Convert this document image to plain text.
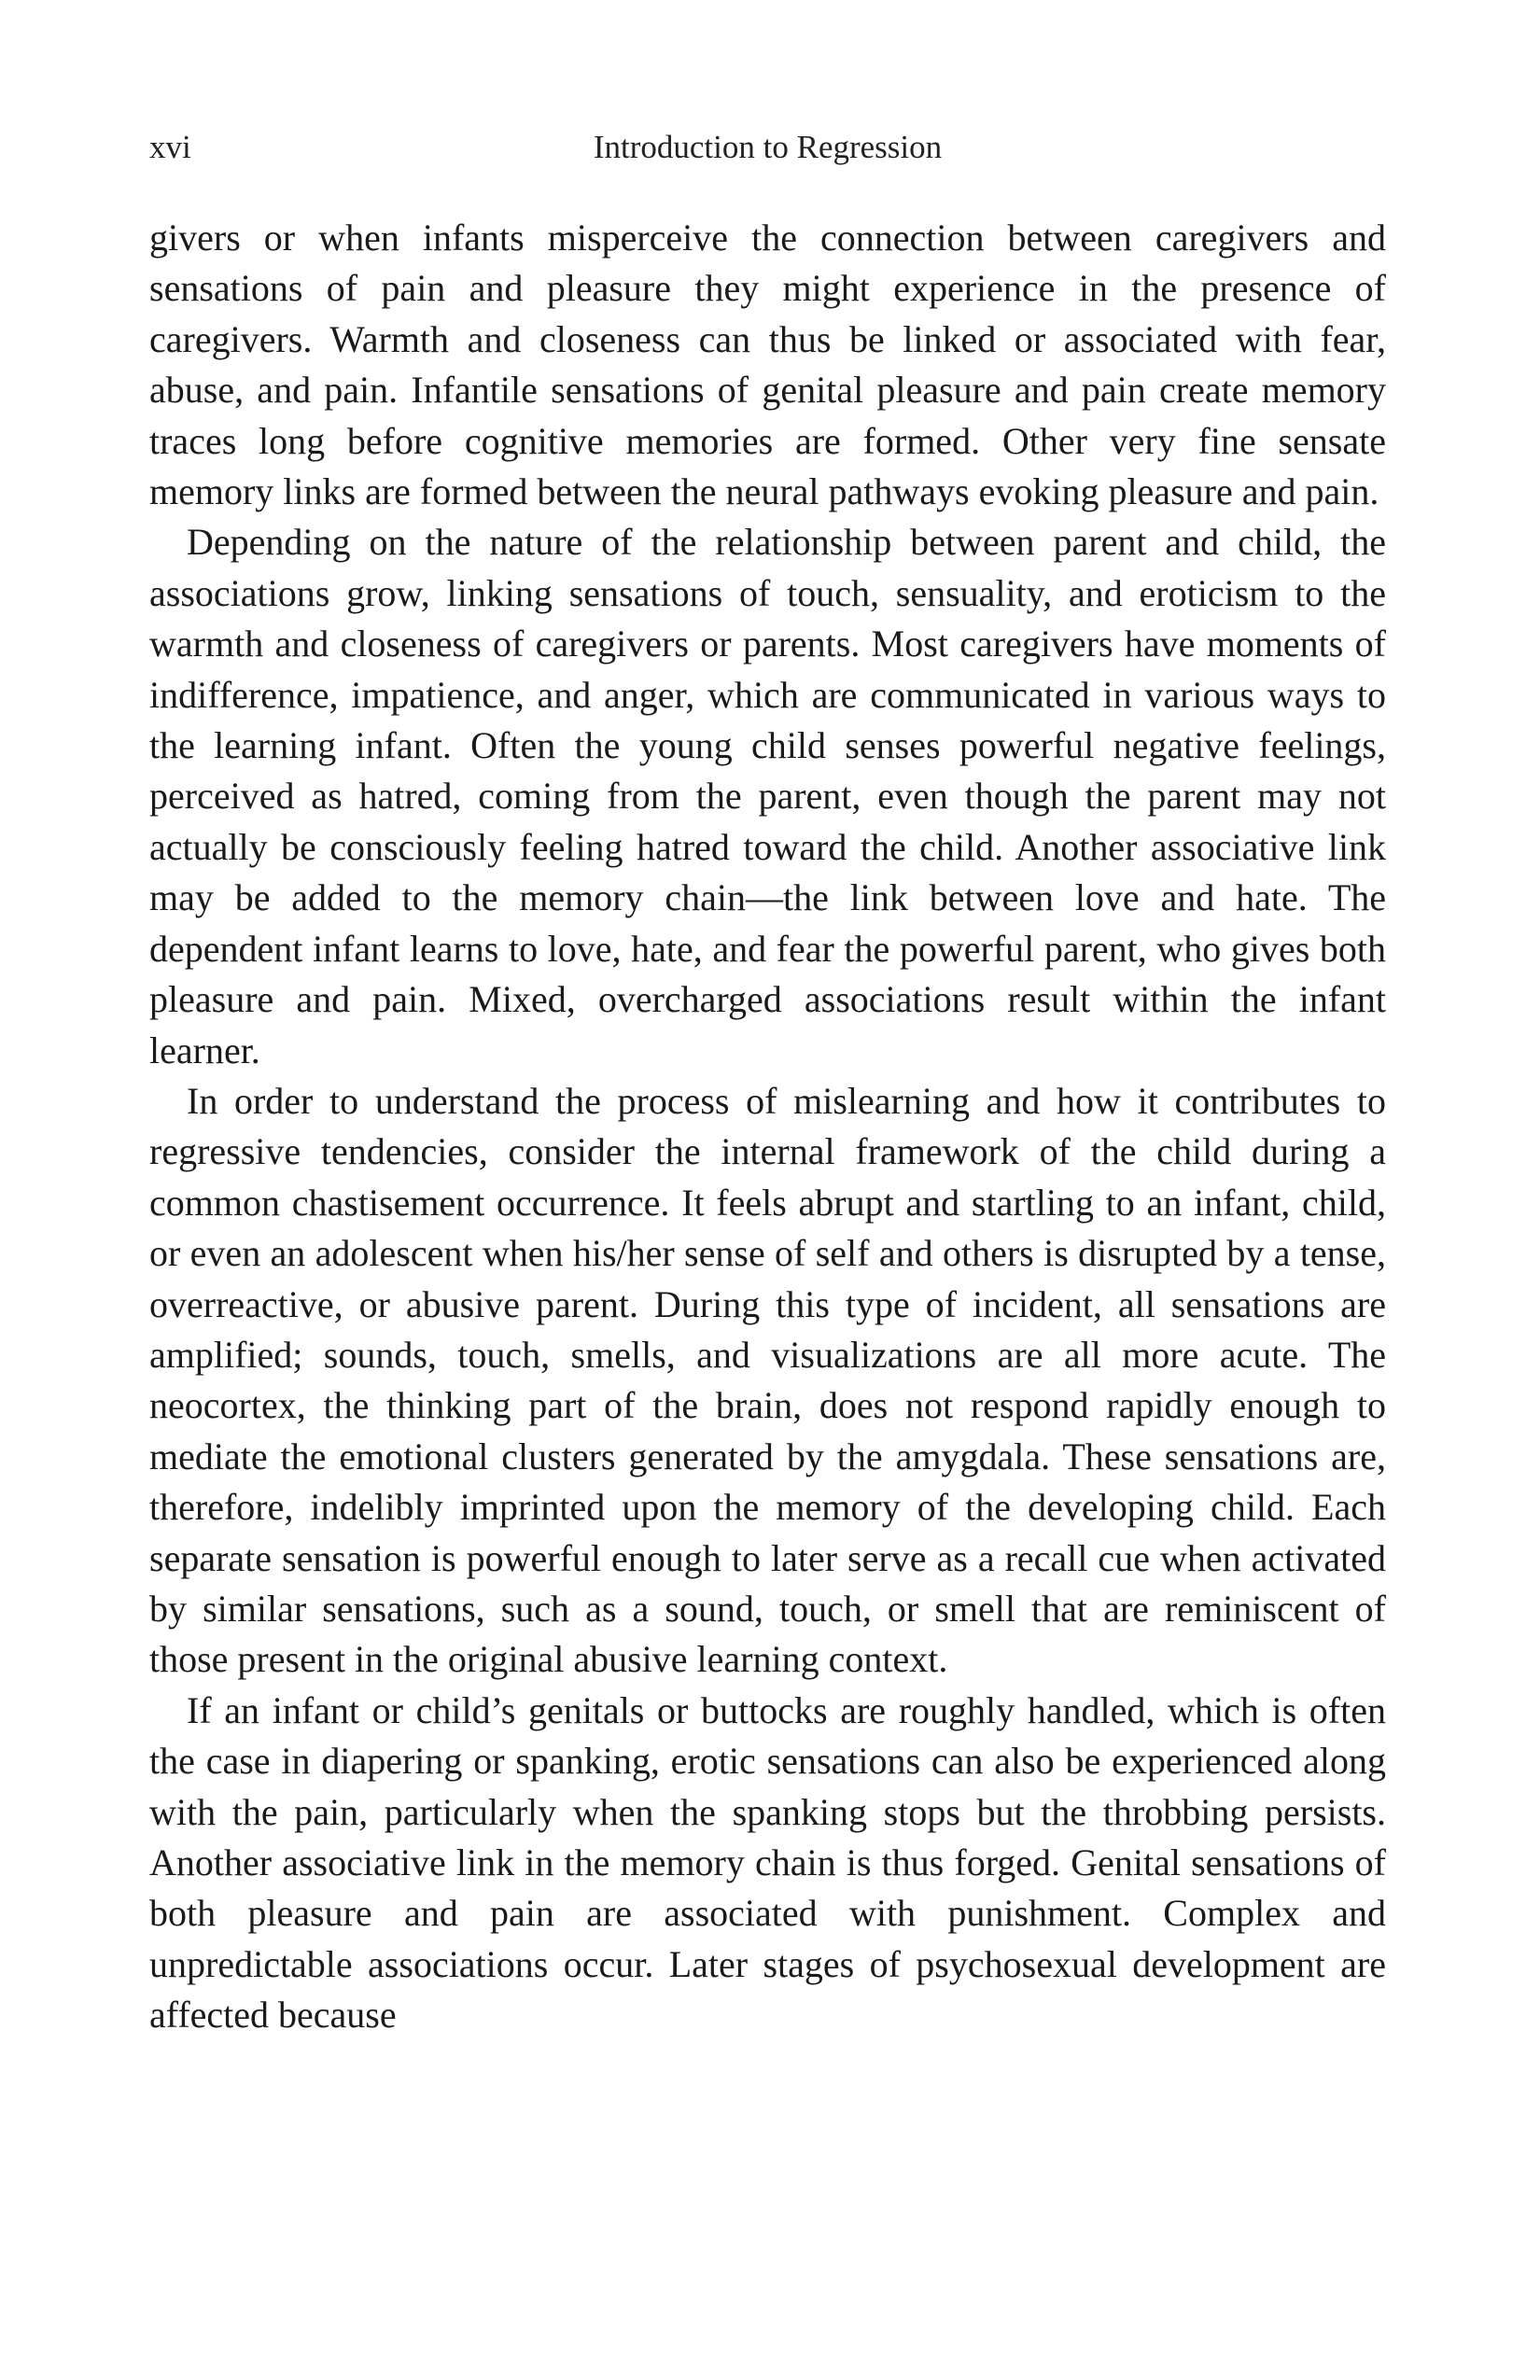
xvi	Introduction to Regression

givers or when infants misperceive the connection between caregivers and sensations of pain and pleasure they might experience in the presence of caregivers. Warmth and closeness can thus be linked or associated with fear, abuse, and pain. Infantile sensations of genital pleasure and pain create memory traces long before cognitive memories are formed. Other very fine sensate memory links are formed between the neural pathways evoking pleasure and pain.

Depending on the nature of the relationship between parent and child, the associations grow, linking sensations of touch, sensuality, and eroticism to the warmth and closeness of caregivers or parents. Most caregivers have moments of indifference, impatience, and anger, which are communicated in various ways to the learning infant. Often the young child senses powerful negative feelings, perceived as hatred, coming from the parent, even though the parent may not actually be consciously feeling hatred toward the child. Another associative link may be added to the memory chain—the link between love and hate. The dependent infant learns to love, hate, and fear the powerful parent, who gives both pleasure and pain. Mixed, overcharged associations result within the infant learner.

In order to understand the process of mislearning and how it contributes to regressive tendencies, consider the internal framework of the child during a common chastisement occurrence. It feels abrupt and startling to an infant, child, or even an adolescent when his/her sense of self and others is disrupted by a tense, overreactive, or abusive parent. During this type of incident, all sensations are amplified; sounds, touch, smells, and visualizations are all more acute. The neocortex, the thinking part of the brain, does not respond rapidly enough to mediate the emotional clusters generated by the amygdala. These sensations are, therefore, indelibly imprinted upon the memory of the developing child. Each separate sensation is powerful enough to later serve as a recall cue when activated by similar sensations, such as a sound, touch, or smell that are reminiscent of those present in the original abusive learning context.

If an infant or child’s genitals or buttocks are roughly handled, which is often the case in diapering or spanking, erotic sensations can also be experienced along with the pain, particularly when the spanking stops but the throbbing persists. Another associative link in the memory chain is thus forged. Genital sensations of both pleasure and pain are associated with punishment. Complex and unpredictable associations occur. Later stages of psychosexual development are affected because
